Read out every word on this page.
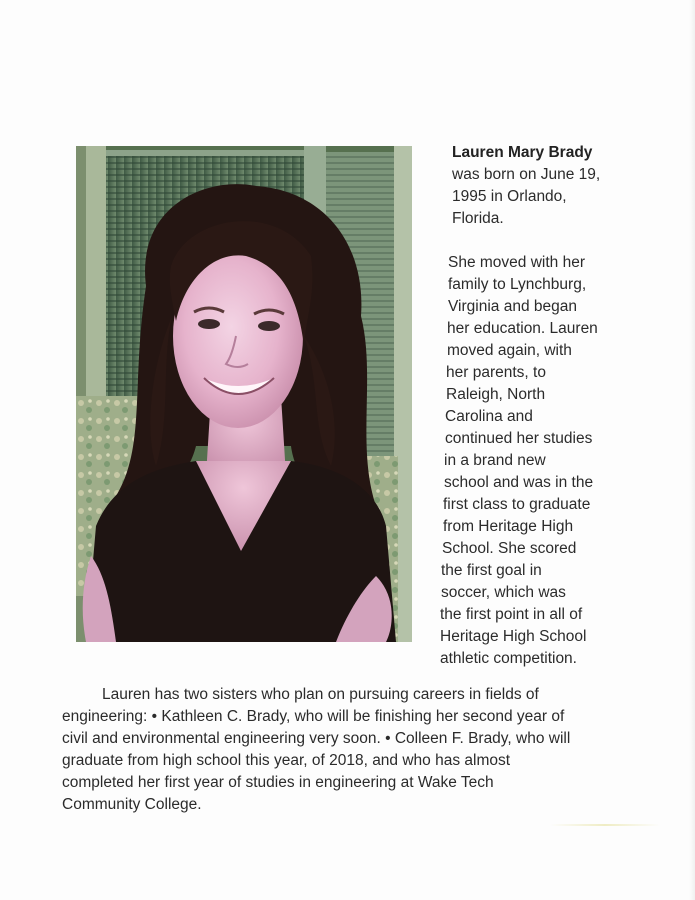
Lauren Mary Brady
was born on June 19,
1995 in Orlando,
Florida.
She moved with her
family to Lynchburg,
Virginia and began
her education. Lauren
moved again, with
her parents, to
Raleigh, North
Carolina and
continued her studies
in a brand new
school and was in the
first class to graduate
from Heritage High
School. She scored
the first goal in
soccer, which was
the first point in all of
Heritage High School
athletic competition.
Lauren has two sisters who plan on pursuing careers in fields of
engineering: • Kathleen C. Brady, who will be finishing her second year of
civil and environmental engineering very soon. • Colleen F. Brady, who will
graduate from high school this year, of 2018, and who has almost
completed her first year of studies in engineering at Wake Tech
Community College.
